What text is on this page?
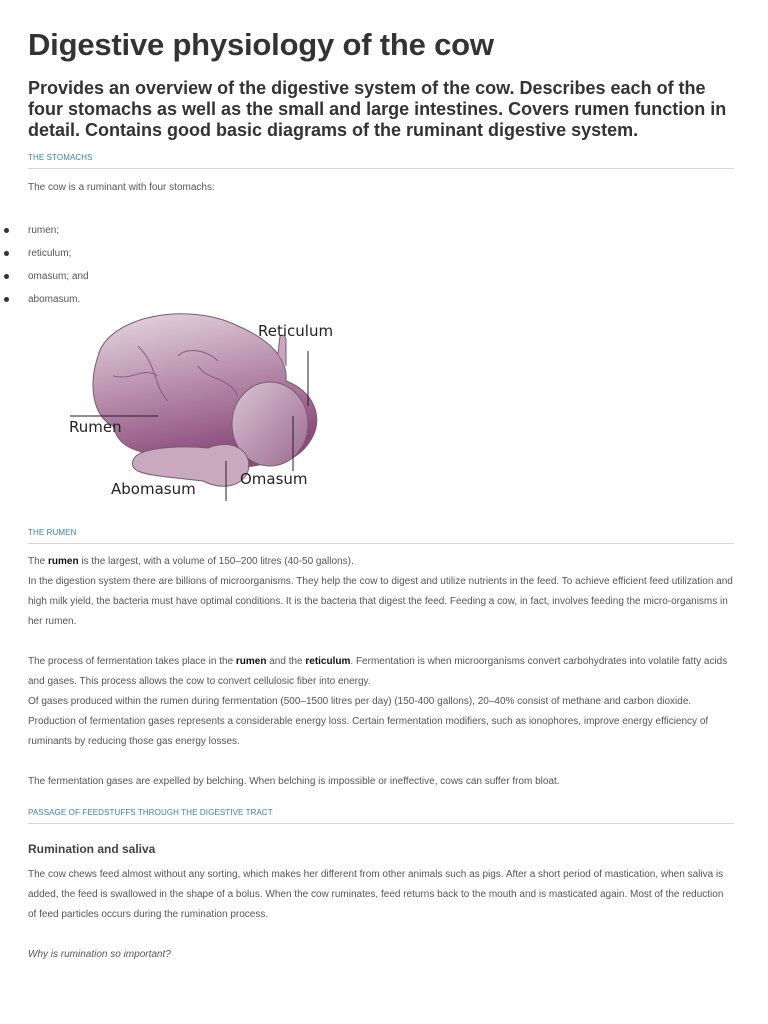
Digestive physiology of the cow

Provides an overview of the digestive system of the cow. Describes each of the four stomachs as well as the small and large intestines. Covers rumen function in detail. Contains good basic diagrams of the ruminant digestive system.

THE STOMACHS

The cow is a ruminant with four stomachs:

rumen;
reticulum;
omasum; and
abomasum.

Reticulum

Rumen

Abomasum

Omasum

THE RUMEN

The rumen is the largest, with a volume of 150–200 litres (40-50 gallons).

In the digestion system there are billions of microorganisms. They help the cow to digest and utilize nutrients in the feed. To achieve efficient feed utilization and high milk yield, the bacteria must have optimal conditions. It is the bacteria that digest the feed. Feeding a cow, in fact, involves feeding the micro-organisms in her rumen.

The process of fermentation takes place in the rumen and the reticulum. Fermentation is when microorganisms convert carbohydrates into volatile fatty acids and gases. This process allows the cow to convert cellulosic fiber into energy.

Of gases produced within the rumen during fermentation (500–1500 litres per day) (150-400 gallons), 20–40% consist of methane and carbon dioxide. Production of fermentation gases represents a considerable energy loss. Certain fermentation modifiers, such as ionophores, improve energy efficiency of ruminants by reducing those gas energy losses.

The fermentation gases are expelled by belching. When belching is impossible or ineffective, cows can suffer from bloat.

PASSAGE OF FEEDSTUFFS THROUGH THE DIGESTIVE TRACT

Rumination and saliva

The cow chews feed almost without any sorting, which makes her different from other animals such as pigs. After a short period of mastication, when saliva is added, the feed is swallowed in the shape of a bolus. When the cow ruminates, feed returns back to the mouth and is masticated again. Most of the reduction of feed particles occurs during the rumination process.

Why is rumination so important?
